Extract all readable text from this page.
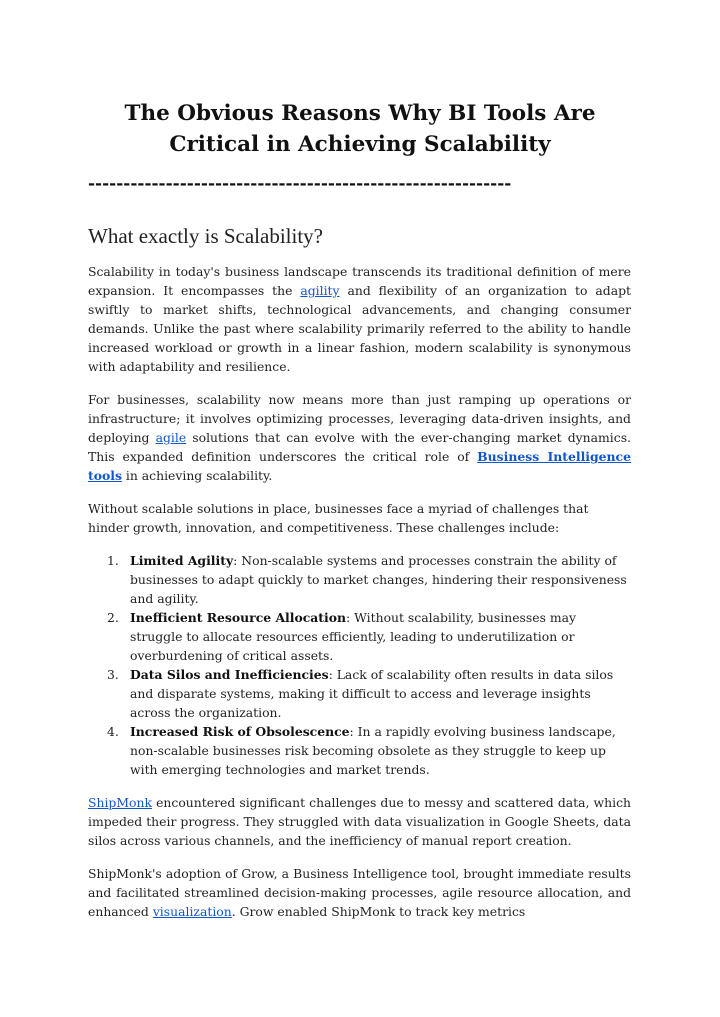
The Obvious Reasons Why BI Tools Are Critical in Achieving Scalability
------------------------------------------------------------
What exactly is Scalability?

Scalability in today's business landscape transcends its traditional definition of mere expansion. It encompasses the agility and flexibility of an organization to adapt swiftly to market shifts, technological advancements, and changing consumer demands. Unlike the past where scalability primarily referred to the ability to handle increased workload or growth in a linear fashion, modern scalability is synonymous with adaptability and resilience.

For businesses, scalability now means more than just ramping up operations or infrastructure; it involves optimizing processes, leveraging data-driven insights, and deploying agile solutions that can evolve with the ever-changing market dynamics. This expanded definition underscores the critical role of Business Intelligence tools in achieving scalability.

Without scalable solutions in place, businesses face a myriad of challenges that hinder growth, innovation, and competitiveness. These challenges include:

1. Limited Agility: Non-scalable systems and processes constrain the ability of businesses to adapt quickly to market changes, hindering their responsiveness and agility.
2. Inefficient Resource Allocation: Without scalability, businesses may struggle to allocate resources efficiently, leading to underutilization or overburdening of critical assets.
3. Data Silos and Inefficiencies: Lack of scalability often results in data silos and disparate systems, making it difficult to access and leverage insights across the organization.
4. Increased Risk of Obsolescence: In a rapidly evolving business landscape, non-scalable businesses risk becoming obsolete as they struggle to keep up with emerging technologies and market trends.

ShipMonk encountered significant challenges due to messy and scattered data, which impeded their progress. They struggled with data visualization in Google Sheets, data silos across various channels, and the inefficiency of manual report creation.

ShipMonk's adoption of Grow, a Business Intelligence tool, brought immediate results and facilitated streamlined decision-making processes, agile resource allocation, and enhanced visualization. Grow enabled ShipMonk to track key metrics
